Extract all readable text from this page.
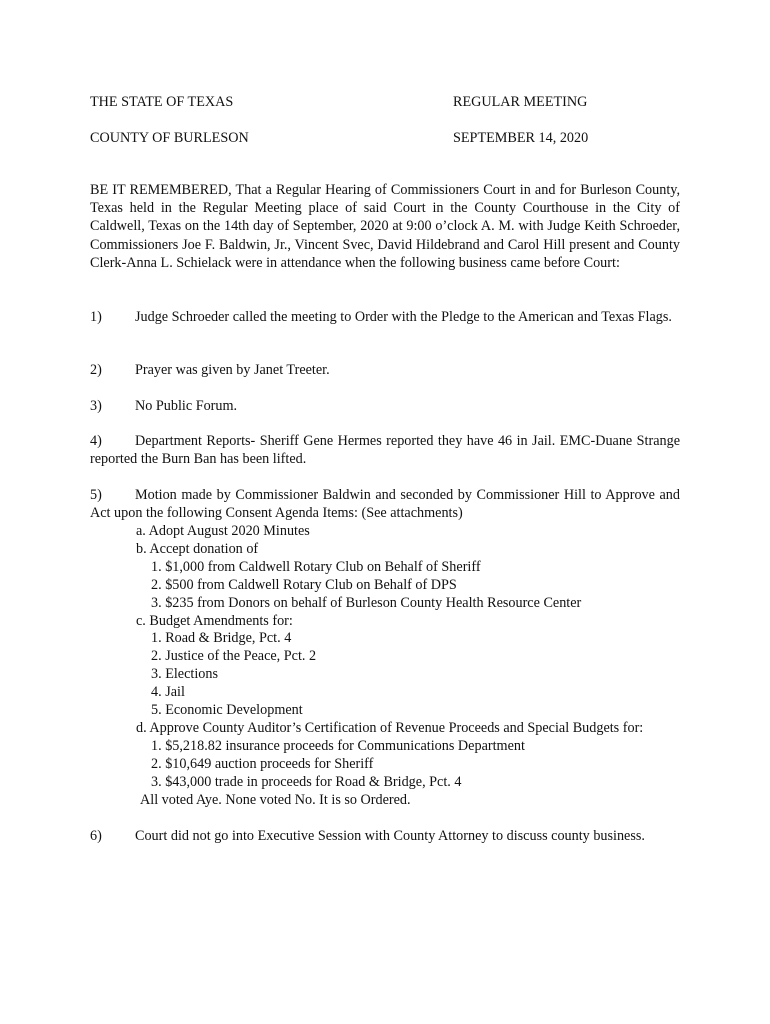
THE STATE OF TEXAS	REGULAR MEETING
COUNTY OF BURLESON	SEPTEMBER 14, 2020

BE IT REMEMBERED, That a Regular Hearing of Commissioners Court in and for Burleson County, Texas held in the Regular Meeting place of said Court in the County Courthouse in the City of Caldwell, Texas on the 14th day of September, 2020 at 9:00 o’clock A. M. with Judge Keith Schroeder, Commissioners Joe F. Baldwin, Jr., Vincent Svec, David Hildebrand and Carol Hill present and County Clerk-Anna L. Schielack were in attendance when the following business came before Court:

1) Judge Schroeder called the meeting to Order with the Pledge to the American and Texas Flags.

2) Prayer was given by Janet Treeter.

3) No Public Forum.

4) Department Reports- Sheriff Gene Hermes reported they have 46 in Jail. EMC-Duane Strange reported the Burn Ban has been lifted.

5) Motion made by Commissioner Baldwin and seconded by Commissioner Hill to Approve and Act upon the following Consent Agenda Items: (See attachments)

a. Adopt August 2020 Minutes
b. Accept donation of
1. $1,000 from Caldwell Rotary Club on Behalf of Sheriff
2. $500 from Caldwell Rotary Club on Behalf of DPS
3. $235 from Donors on behalf of Burleson County Health Resource Center
c. Budget Amendments for:
1. Road & Bridge, Pct. 4
2. Justice of the Peace, Pct. 2
3. Elections
4. Jail
5. Economic Development
d. Approve County Auditor’s Certification of Revenue Proceeds and Special Budgets for:
1. $5,218.82 insurance proceeds for Communications Department
2. $10,649 auction proceeds for Sheriff
3. $43,000 trade in proceeds for Road & Bridge, Pct. 4
All voted Aye. None voted No. It is so Ordered.

6) Court did not go into Executive Session with County Attorney to discuss county business.
